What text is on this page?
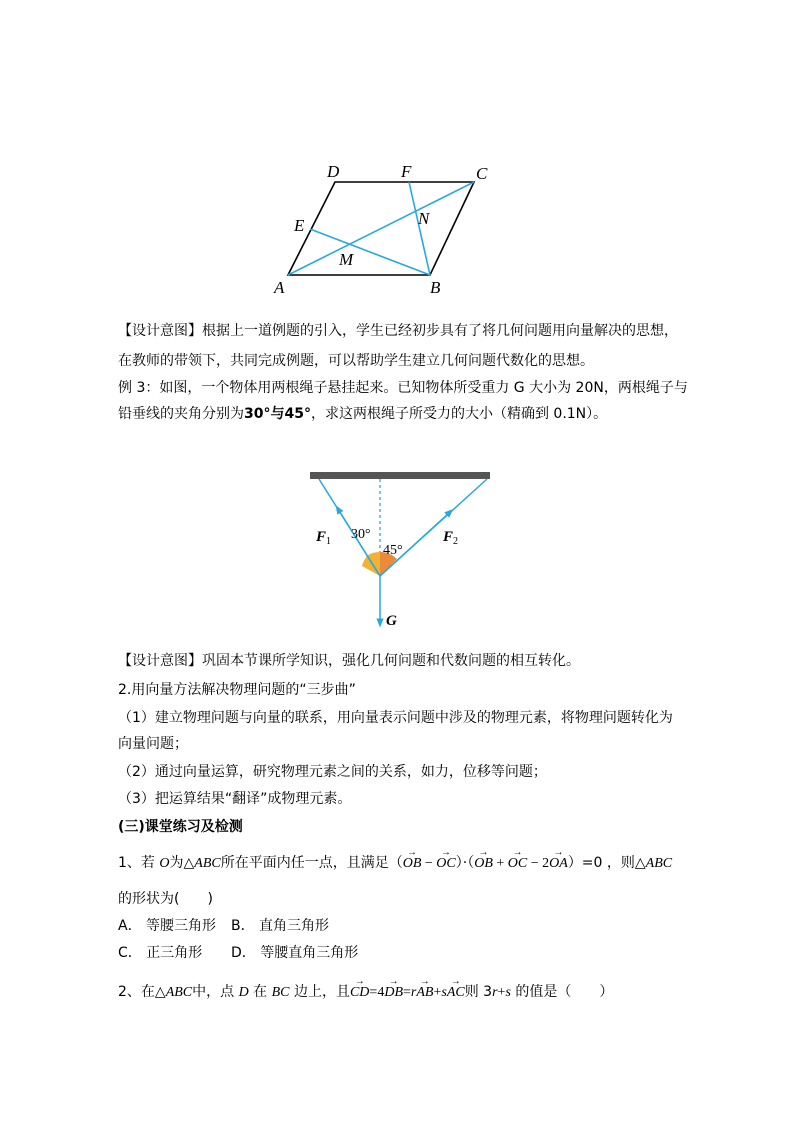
A	B
C
D
E
F
M
N
【设计意图】根据上一道例题的引入，学生已经初步具有了将几何问题用向量解决的思想，
在教师的带领下，共同完成例题，可以帮助学生建立几何问题代数化的思想。
例 3：如图，一个物体用两根绳子悬挂起来。已知物体所受重力 G 大小为 20N，两根绳子与
铅垂线的夹角分别为30°与45°，求这两根绳子所受力的大小（精确到 0.1N）。
30°
45°
$F_1$	$F_2$
G
【设计意图】巩固本节课所学知识，强化几何问题和代数问题的相互转化。
2.用向量方法解决物理问题的“三步曲”
（1）建立物理问题与向量的联系，用向量表示问题中涉及的物理元素，将物理问题转化为
向量问题；
（2）通过向量运算，研究物理元素之间的关系，如力，位移等问题；
（3）把运算结果“翻译”成物理元素。
(三)课堂练习及检测
1、若 O为△ABC所在平面内任一点，且满足（→ OB − → OC）·（→ OB + → OC − 2→ OA）=0 ，则△ABC
的形状为(　　)
A． 等腰三角形 B． 直角三角形
C． 正三角形 D． 等腰直角三角形
2、在△ABC中，点 D 在 BC 边上，且→ CD=4→ DB=r→ AB+s→ AC则 3r+s 的值是（　　）
